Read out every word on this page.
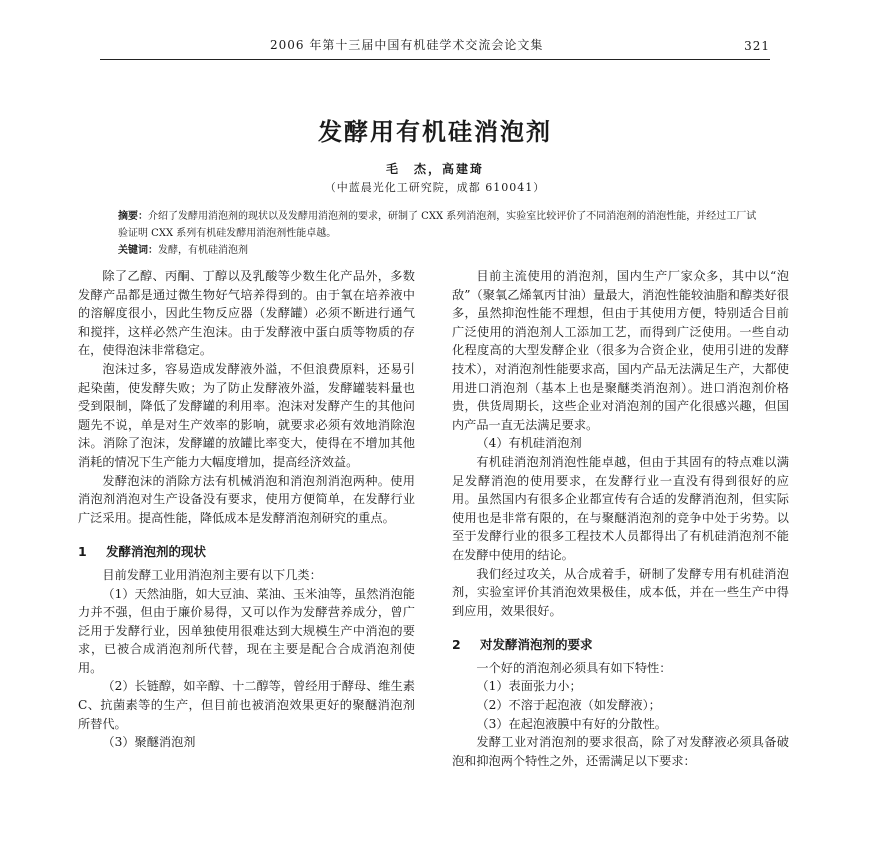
2006 年第十三届中国有机硅学术交流会论文集	321
发酵用有机硅消泡剂
毛　杰，高建琦
（中蓝晨光化工研究院，成都 610041）
摘要：介绍了发酵用消泡剂的现状以及发酵用消泡剂的要求，研制了 CXX 系列消泡剂，实验室比较评价了不同消泡剂的消泡性能，并经过工厂试验证明 CXX 系列有机硅发酵用消泡剂性能卓越。
关键词：发酵，有机硅消泡剂

除了乙醇、丙酮、丁醇以及乳酸等少数生化产品外，多数发酵产品都是通过微生物好气培养得到的。由于氧在培养液中的溶解度很小，因此生物反应器（发酵罐）必须不断进行通气和搅拌，这样必然产生泡沫。由于发酵液中蛋白质等物质的存在，使得泡沫非常稳定。

泡沫过多，容易造成发酵液外溢，不但浪费原料，还易引起染菌，使发酵失败；为了防止发酵液外溢，发酵罐装料量也受到限制，降低了发酵罐的利用率。泡沫对发酵产生的其他问题先不说，单是对生产效率的影响，就要求必须有效地消除泡沫。消除了泡沫，发酵罐的放罐比率变大，使得在不增加其他消耗的情况下生产能力大幅度增加，提高经济效益。

发酵泡沫的消除方法有机械消泡和消泡剂消泡两种。使用消泡剂消泡对生产设备没有要求，使用方便简单，在发酵行业广泛采用。提高性能，降低成本是发酵消泡剂研究的重点。

1 发酵消泡剂的现状

目前发酵工业用消泡剂主要有以下几类：

（1）天然油脂，如大豆油、菜油、玉米油等，虽然消泡能力并不强，但由于廉价易得，又可以作为发酵营养成分，曾广泛用于发酵行业，因单独使用很难达到大规模生产中消泡的要求，已被合成消泡剂所代替，现在主要是配合合成消泡剂使用。

（2）长链醇，如辛醇、十二醇等，曾经用于酵母、维生素 C、抗菌素等的生产，但目前也被消泡效果更好的聚醚消泡剂所替代。

（3）聚醚消泡剂

目前主流使用的消泡剂，国内生产厂家众多，其中以“泡敌”（聚氧乙烯氧丙甘油）量最大，消泡性能较油脂和醇类好很多，虽然抑泡性能不理想，但由于其使用方便，特别适合目前广泛使用的消泡剂人工添加工艺，而得到广泛使用。一些自动化程度高的大型发酵企业（很多为合资企业，使用引进的发酵技术），对消泡剂性能要求高，国内产品无法满足生产，大都使用进口消泡剂（基本上也是聚醚类消泡剂）。进口消泡剂价格贵，供货周期长，这些企业对消泡剂的国产化很感兴趣，但国内产品一直无法满足要求。

（4）有机硅消泡剂

有机硅消泡剂消泡性能卓越，但由于其固有的特点难以满足发酵消泡的使用要求，在发酵行业一直没有得到很好的应用。虽然国内有很多企业都宣传有合适的发酵消泡剂，但实际使用也是非常有限的，在与聚醚消泡剂的竞争中处于劣势。以至于发酵行业的很多工程技术人员都得出了有机硅消泡剂不能在发酵中使用的结论。

我们经过攻关，从合成着手，研制了发酵专用有机硅消泡剂，实验室评价其消泡效果极佳，成本低，并在一些生产中得到应用，效果很好。

2 对发酵消泡剂的要求

一个好的消泡剂必须具有如下特性：

（1）表面张力小；

（2）不溶于起泡液（如发酵液）；

（3）在起泡液膜中有好的分散性。

发酵工业对消泡剂的要求很高，除了对发酵液必须具备破泡和抑泡两个特性之外，还需满足以下要求：
